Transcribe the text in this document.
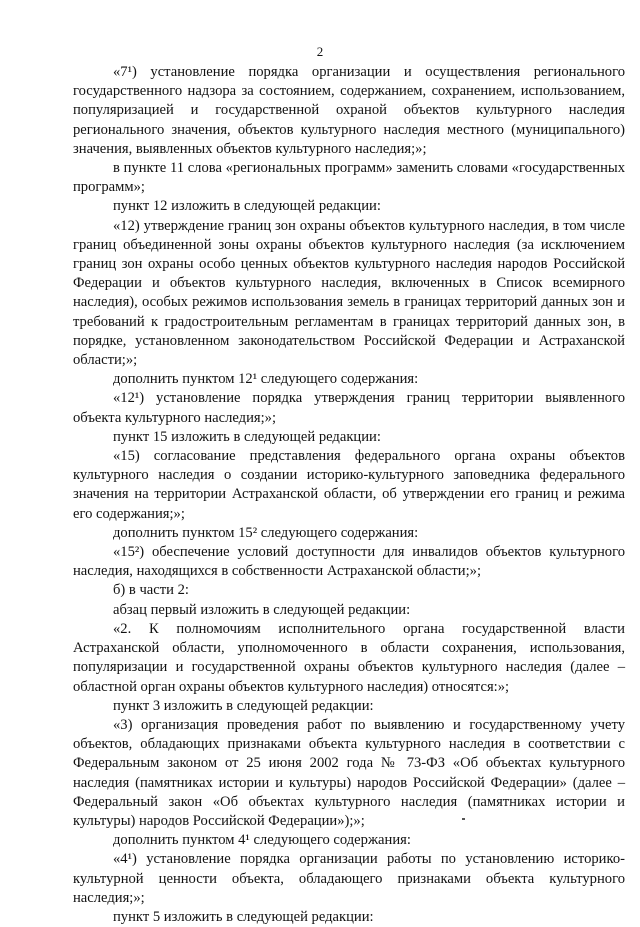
2

«7¹) установление порядка организации и осуществления регионального государственного надзора за состоянием, содержанием, сохранением, использованием, популяризацией и государственной охраной объектов культурного наследия регионального значения, объектов культурного наследия местного (муниципального) значения, выявленных объектов культурного наследия;»;

в пункте 11 слова «региональных программ» заменить словами «государственных программ»;

пункт 12 изложить в следующей редакции:

«12) утверждение границ зон охраны объектов культурного наследия, в том числе границ объединенной зоны охраны объектов культурного наследия (за исключением границ зон охраны особо ценных объектов культурного наследия народов Российской Федерации и объектов культурного наследия, включенных в Список всемирного наследия), особых режимов использования земель в границах территорий данных зон и требований к градостроительным регламентам в границах территорий данных зон, в порядке, установленном законодательством Российской Федерации и Астраханской области;»;

дополнить пунктом 12¹ следующего содержания:

«12¹) установление порядка утверждения границ территории выявленного объекта культурного наследия;»;

пункт 15 изложить в следующей редакции:

«15) согласование представления федерального органа охраны объектов культурного наследия о создании историко-культурного заповедника федерального значения на территории Астраханской области, об утверждении его границ и режима его содержания;»;

дополнить пунктом 15² следующего содержания:

«15²) обеспечение условий доступности для инвалидов объектов культурного наследия, находящихся в собственности Астраханской области;»;

б) в части 2:

абзац первый изложить в следующей редакции:

«2. К полномочиям исполнительного органа государственной власти Астраханской области, уполномоченного в области сохранения, использования, популяризации и государственной охраны объектов культурного наследия (далее – областной орган охраны объектов культурного наследия) относятся:»;

пункт 3 изложить в следующей редакции:

«3) организация проведения работ по выявлению и государственному учету объектов, обладающих признаками объекта культурного наследия в соответствии с Федеральным законом от 25 июня 2002 года № 73-ФЗ «Об объектах культурного наследия (памятниках истории и культуры) народов Российской Федерации» (далее – Федеральный закон «Об объектах культурного наследия (памятниках истории и культуры) народов Российской Федерации»);»;

дополнить пунктом 4¹ следующего содержания:

«4¹) установление порядка организации работы по установлению историко-культурной ценности объекта, обладающего признаками объекта культурного наследия;»;

пункт 5 изложить в следующей редакции:
